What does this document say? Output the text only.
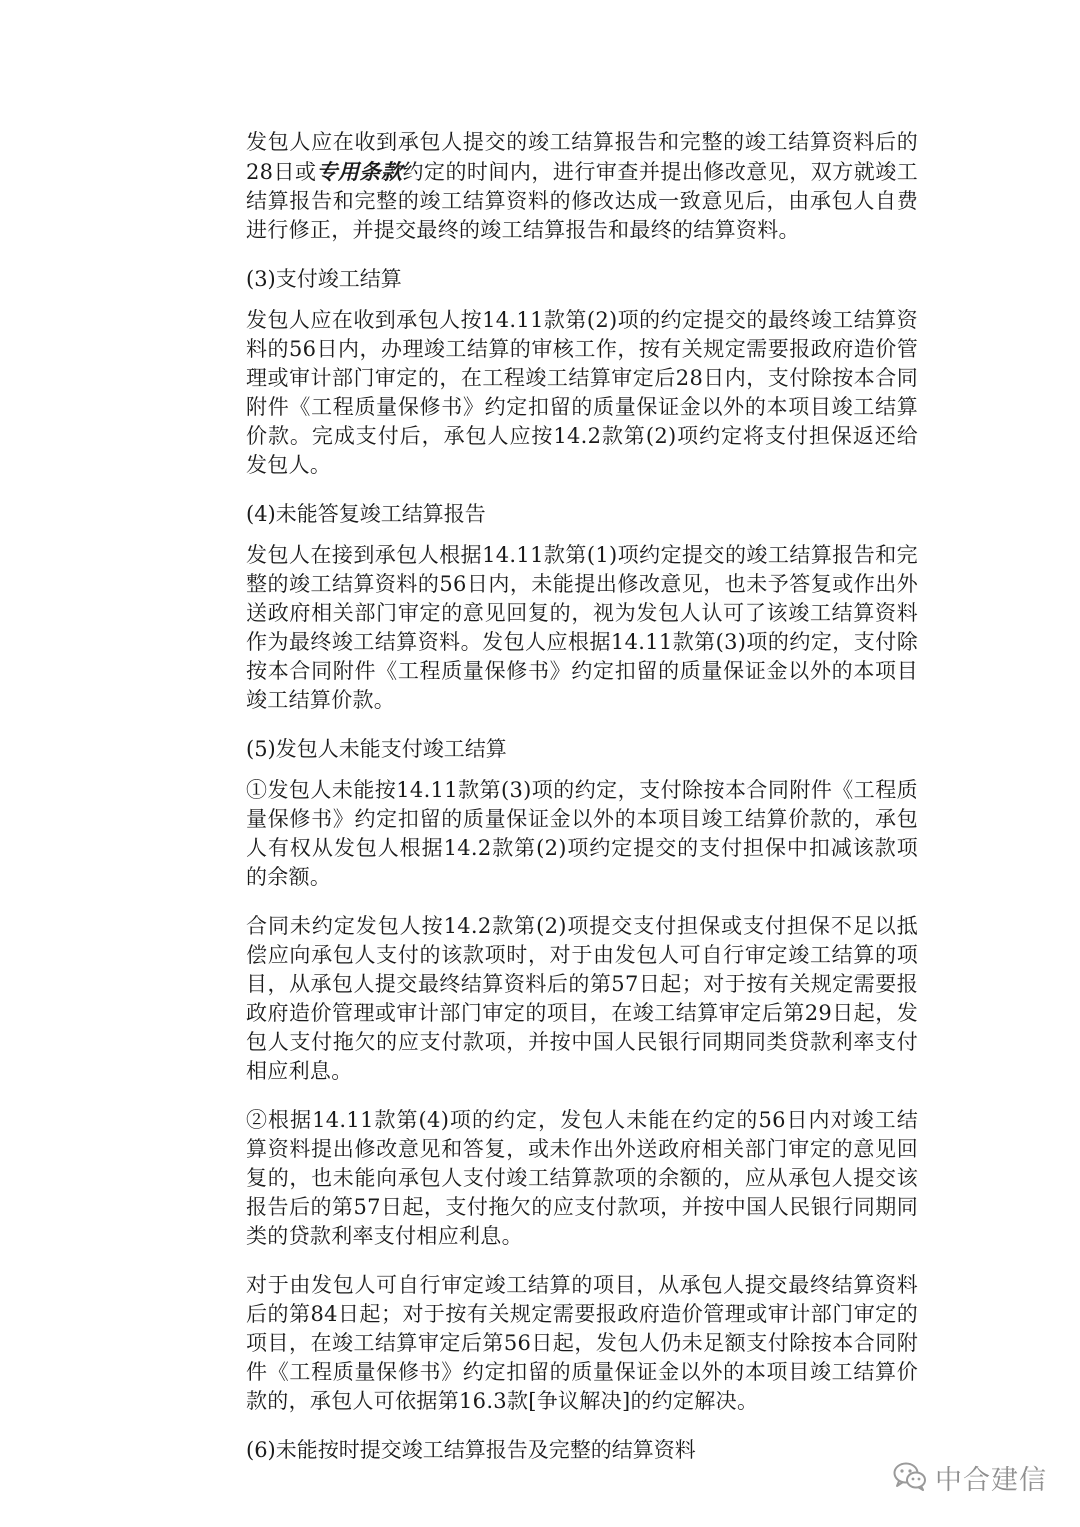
发包人应在收到承包人提交的竣工结算报告和完整的竣工结算资料后的28日或专用条款约定的时间内，进行审查并提出修改意见，双方就竣工结算报告和完整的竣工结算资料的修改达成一致意见后，由承包人自费进行修正，并提交最终的竣工结算报告和最终的结算资料。

(3)支付竣工结算

发包人应在收到承包人按14.11款第(2)项的约定提交的最终竣工结算资料的56日内，办理竣工结算的审核工作，按有关规定需要报政府造价管理或审计部门审定的，在工程竣工结算审定后28日内，支付除按本合同附件《工程质量保修书》约定扣留的质量保证金以外的本项目竣工结算价款。完成支付后，承包人应按14.2款第(2)项约定将支付担保返还给发包人。

(4)未能答复竣工结算报告

发包人在接到承包人根据14.11款第(1)项约定提交的竣工结算报告和完整的竣工结算资料的56日内，未能提出修改意见，也未予答复或作出外送政府相关部门审定的意见回复的，视为发包人认可了该竣工结算资料作为最终竣工结算资料。发包人应根据14.11款第(3)项的约定，支付除按本合同附件《工程质量保修书》约定扣留的质量保证金以外的本项目竣工结算价款。

(5)发包人未能支付竣工结算

①发包人未能按14.11款第(3)项的约定，支付除按本合同附件《工程质量保修书》约定扣留的质量保证金以外的本项目竣工结算价款的，承包人有权从发包人根据14.2款第(2)项约定提交的支付担保中扣减该款项的余额。

合同未约定发包人按14.2款第(2)项提交支付担保或支付担保不足以抵偿应向承包人支付的该款项时，对于由发包人可自行审定竣工结算的项目，从承包人提交最终结算资料后的第57日起；对于按有关规定需要报政府造价管理或审计部门审定的项目，在竣工结算审定后第29日起，发包人支付拖欠的应支付款项，并按中国人民银行同期同类贷款利率支付相应利息。

②根据14.11款第(4)项的约定，发包人未能在约定的56日内对竣工结算资料提出修改意见和答复，或未作出外送政府相关部门审定的意见回复的，也未能向承包人支付竣工结算款项的余额的，应从承包人提交该报告后的第57日起，支付拖欠的应支付款项，并按中国人民银行同期同类的贷款利率支付相应利息。

对于由发包人可自行审定竣工结算的项目，从承包人提交最终结算资料后的第84日起；对于按有关规定需要报政府造价管理或审计部门审定的项目，在竣工结算审定后第56日起，发包人仍未足额支付除按本合同附件《工程质量保修书》约定扣留的质量保证金以外的本项目竣工结算价款的，承包人可依据第16.3款[争议解决]的约定解决。

(6)未能按时提交竣工结算报告及完整的结算资料

中合建信
